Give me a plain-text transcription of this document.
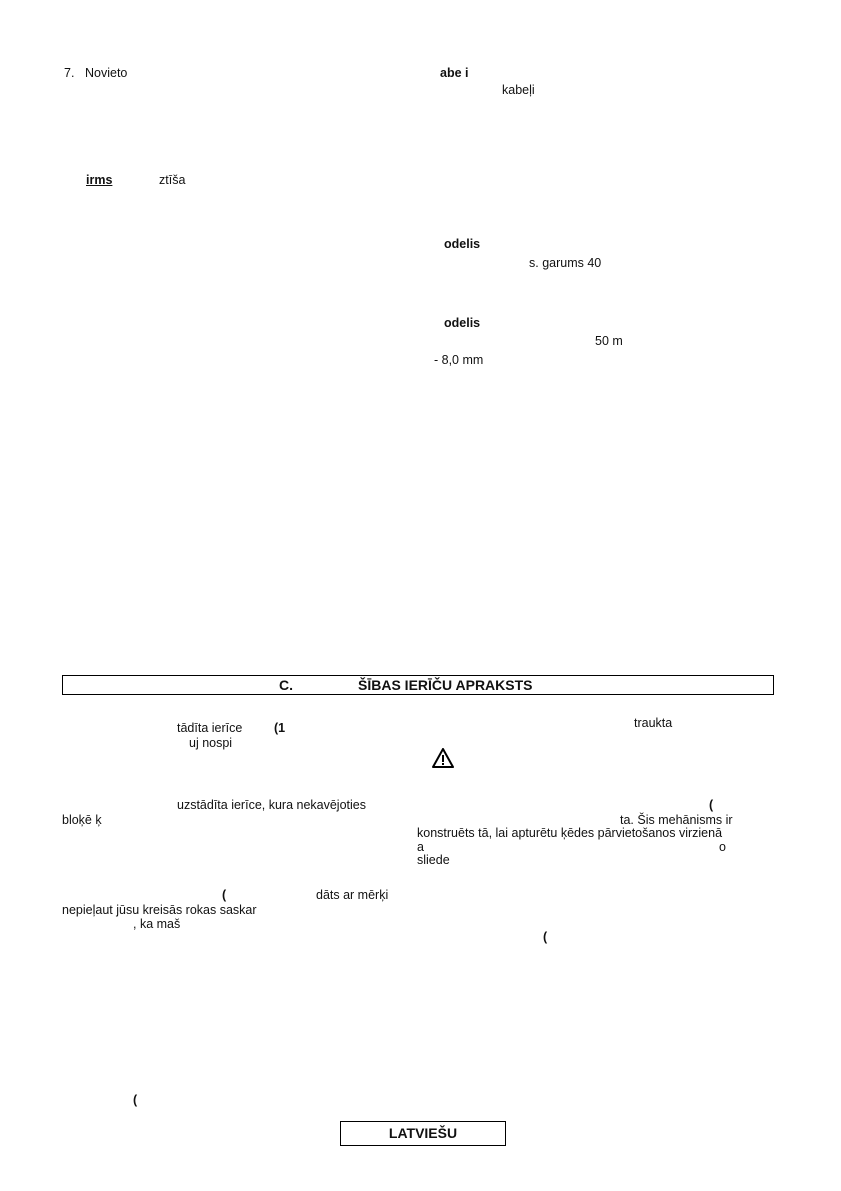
7. Novieto
irms	ztīša
abe i
kabeļi
odelis
s. garums 40
odelis
50 m
- 8,0 mm
C.	ŠĪBAS IERĪČU APRAKSTS
tādīta ierīce	(1
uj nospi
uzstādīta ierīce, kura nekavējoties
bloķē ķ
(	dāts ar mērķi
nepieļaut jūsu kreisās rokas saskar
, ka maš
(
traukta
(
ta. Šis mehānisms ir
konstruēts tā, lai apturētu ķēdes pārvietošanos virzienā
a	o
sliede
(
LATVIEŠU
